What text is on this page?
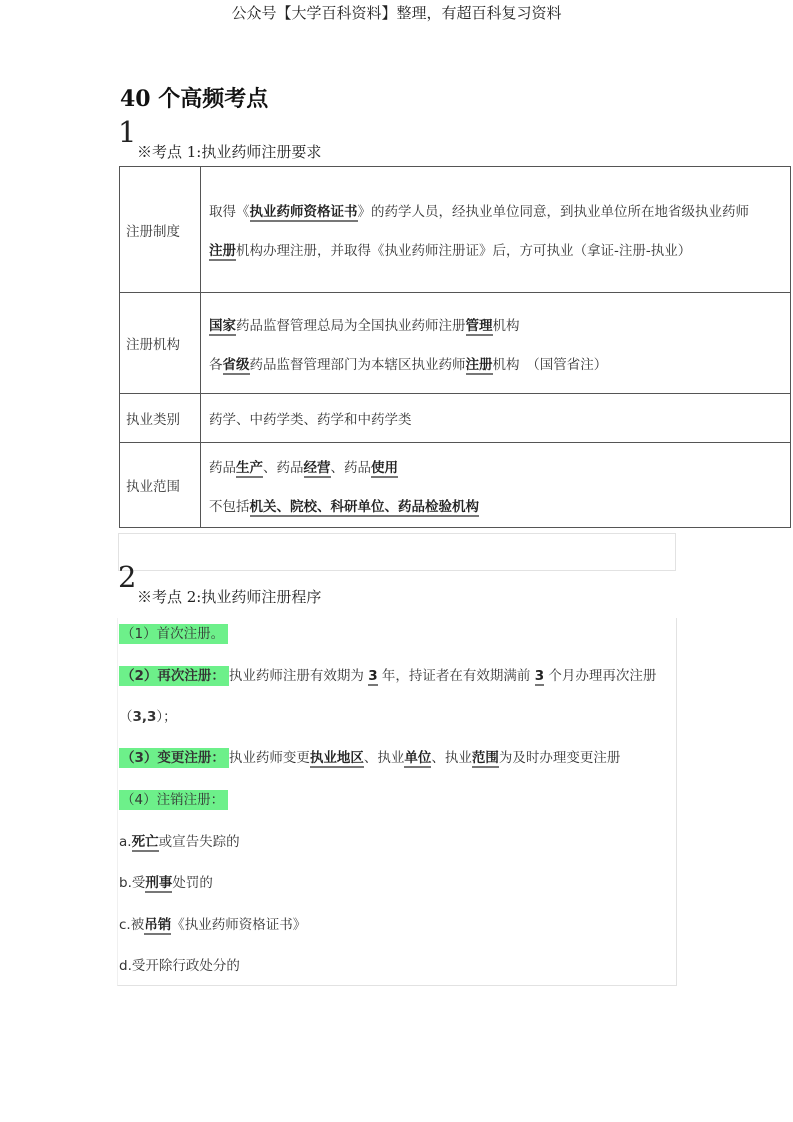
公众号【大学百科资料】整理，有超百科复习资料
40 个高频考点
1
※考点 1:执业药师注册要求
注册制度	取得《执业药师资格证书》的药学人员，经执业单位同意，到执业单位所在地省级执业药师
注册机构办理注册，并取得《执业药师注册证》后，方可执业（拿证-注册-执业）

注册机构	国家药品监督管理总局为全国执业药师注册管理机构
各省级药品监督管理部门为本辖区执业药师注册机构　（国管省注）

执业类别	药学、中药学类、药学和中药学类
执业范围	药品生产、药品经营、药品使用
不包括机关、院校、科研单位、药品检验机构
2
※考点 2:执业药师注册程序
（1）首次注册。
（2）再次注册： 执业药师注册有效期为 3 年，持证者在有效期满前 3 个月办理再次注册
（3,3）；
（3）变更注册： 执业药师变更执业地区、执业单位、执业范围为及时办理变更注册
（4）注销注册：
a.死亡或宣告失踪的
b.受刑事处罚的
c.被吊销《执业药师资格证书》
d.受开除行政处分的
